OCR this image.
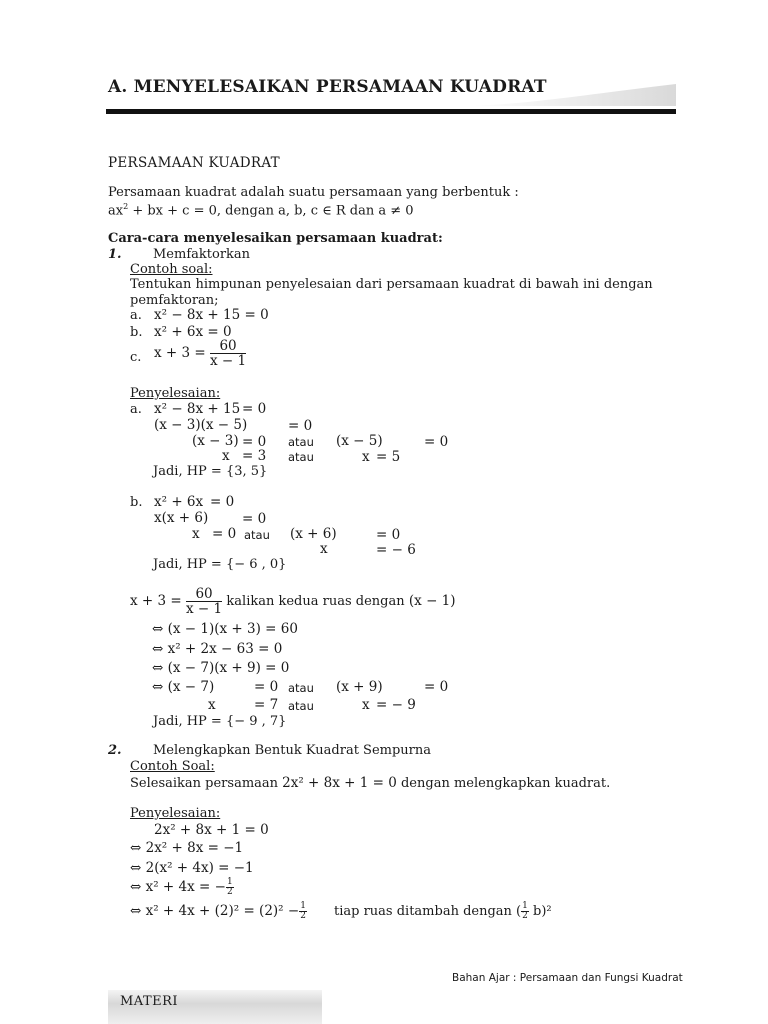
A. MENYELESAIKAN PERSAMAAN KUADRAT
PERSAMAAN KUADRAT
Persamaan kuadrat adalah suatu persamaan yang berbentuk :
$ax^2$ + bx + c = 0, dengan a, b, c ∈ R dan a ≠ 0
Cara-cara menyelesaikan persamaan kuadrat:
1. Memfaktorkan
Contoh soal:
Tentukan himpunan penyelesaian dari persamaan kuadrat di bawah ini dengan
pemfaktoran;
a. x² − 8x + 15 = 0
b. x² + 6x = 0
c. $x + 3 = \frac{60}{x - 1}$
Penyelesaian:
a. x² − 8x + 15 = 0
(x − 3)(x − 5)	= 0
(x − 3) = 0 atau (x − 5)	= 0
x = 3 atau	x = 5
Jadi, HP = {3, 5}
b. x² + 6x = 0
x(x + 6)	= 0
x = 0 atau (x + 6)	= 0
x	= − 6
Jadi, HP = {− 6 , 0}
$x + 3 = \frac{60}{x - 1}$ kalikan kedua ruas dengan (x − 1)
⇔ (x − 1)(x + 3) = 60
⇔ x² + 2x − 63 = 0
⇔ (x − 7)(x + 9) = 0
⇔ (x − 7)	= 0 atau (x + 9)	= 0
x	= 7 atau	x = − 9
Jadi, HP = {− 9 , 7}
2. Melengkapkan Bentuk Kuadrat Sempurna
Contoh Soal:
Selesaikan persamaan 2x² + 8x + 1 = 0 dengan melengkapkan kuadrat.
Penyelesaian:
2x² + 8x + 1 = 0
⇔ 2x² + 8x = −1
⇔ 2(x² + 4x) = −1
⇔ x² + 4x = − $\frac{1}{2}$
⇔ $x^2 + 4x + (2)^2 = (2)^2 - \frac{1}{2}$ tiap ruas ditambah dengan ( $\frac{1}{2} b)^2$
Bahan Ajar : Persamaan dan Fungsi Kuadrat
MATERI
